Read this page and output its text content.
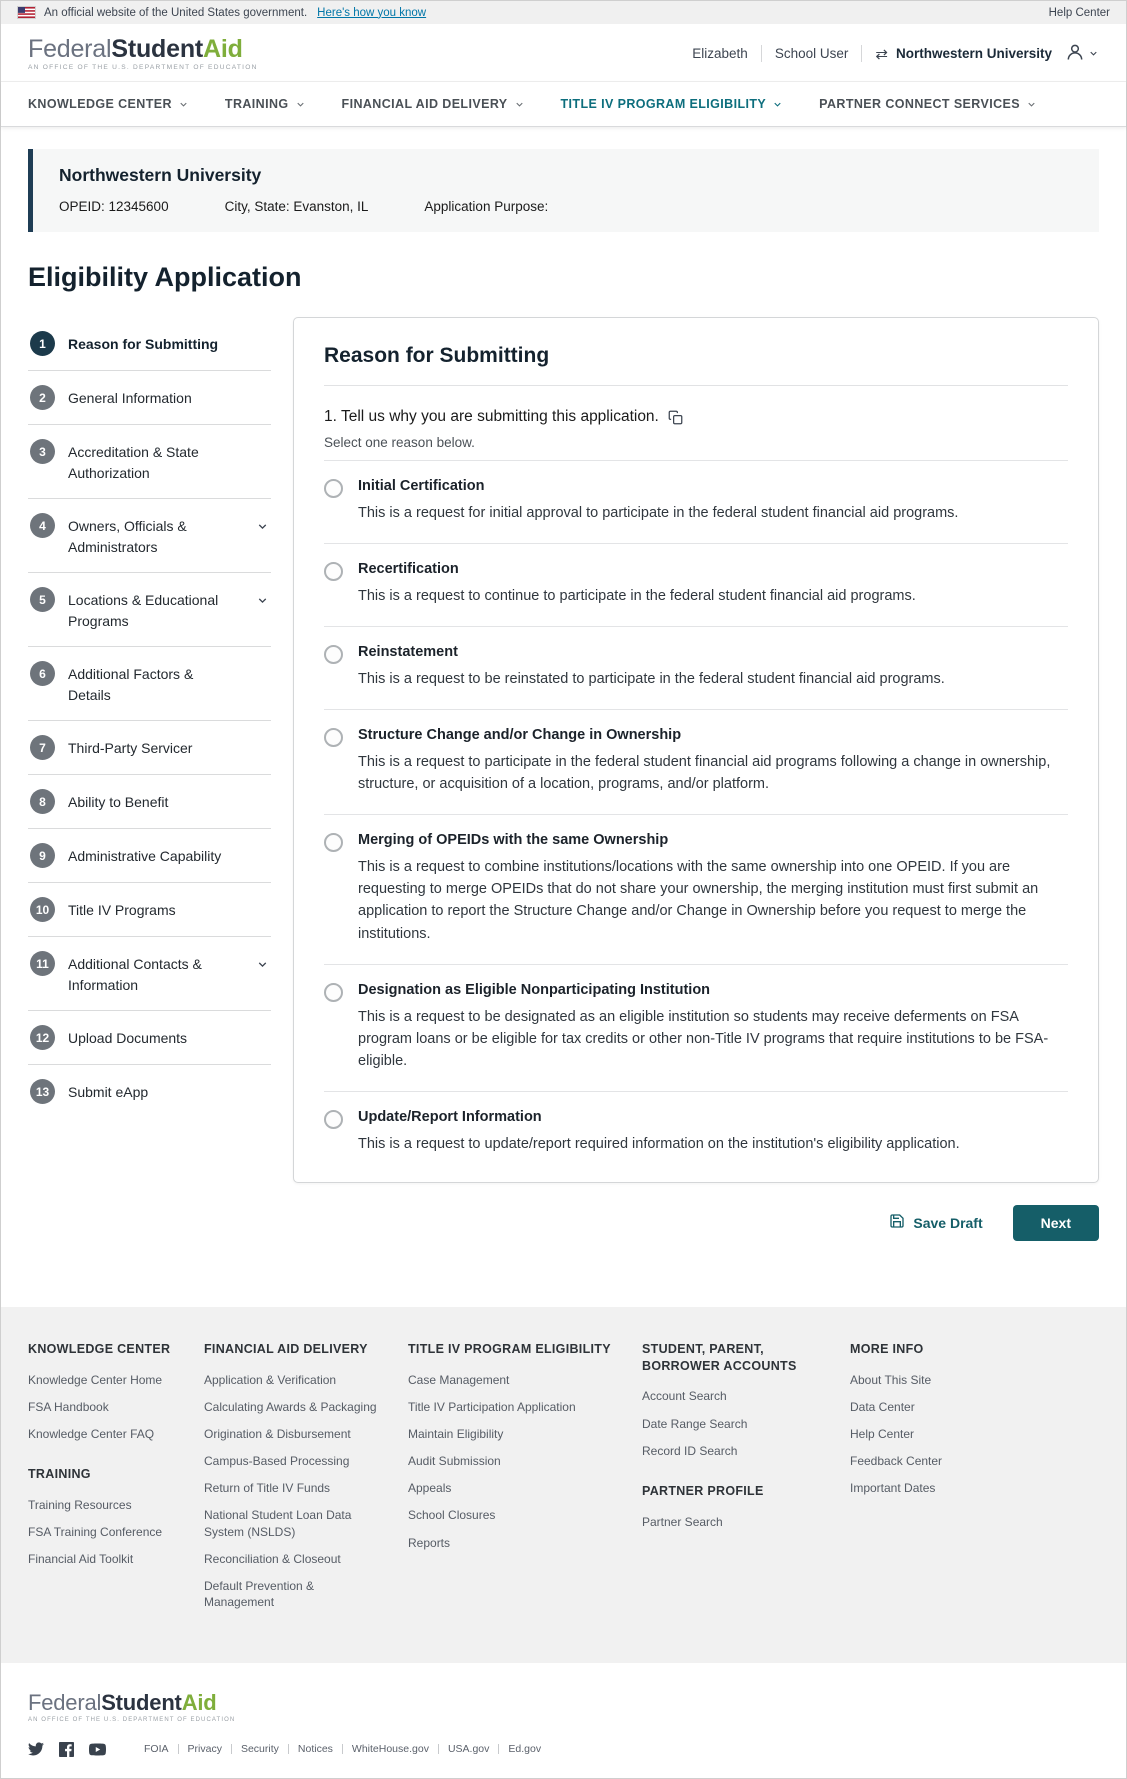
An official website of the United States government. Here's how you know	Help Center
FederalStudentAid
AN OFFICE OF THE U.S. DEPARTMENT OF EDUCATION
Elizabeth School User ⇄ Northwestern University
KNOWLEDGE CENTER	TRAINING	FINANCIAL AID DELIVERY	TITLE IV PROGRAM ELIGIBILITY	PARTNER CONNECT SERVICES
Northwestern University
OPEID: 12345600	City, State: Evanston, IL	Application Purpose:
Eligibility Application
1	Reason for Submitting
2	General Information
3	Accreditation & State Authorization
4	Owners, Officials & Administrators
5	Locations & Educational Programs
6	Additional Factors & Details
7	Third-Party Servicer
8	Ability to Benefit
9	Administrative Capability
10	Title IV Programs
11	Additional Contacts & Information
12	Upload Documents
13	Submit eApp
Reason for Submitting
1. Tell us why you are submitting this application.
Select one reason below.
Initial Certification
This is a request for initial approval to participate in the federal student financial aid programs.
Recertification
This is a request to continue to participate in the federal student financial aid programs.
Reinstatement
This is a request to be reinstated to participate in the federal student financial aid programs.
Structure Change and/or Change in Ownership
This is a request to participate in the federal student financial aid programs following a change in ownership, structure, or acquisition of a location, programs, and/or platform.
Merging of OPEIDs with the same Ownership
This is a request to combine institutions/locations with the same ownership into one OPEID. If you are requesting to merge OPEIDs that do not share your ownership, the merging institution must first submit an application to report the Structure Change and/or Change in Ownership before you request to merge the institutions.
Designation as Eligible Nonparticipating Institution
This is a request to be designated as an eligible institution so students may receive deferments on FSA program loans or be eligible for tax credits or other non-Title IV programs that require institutions to be FSA-eligible.
Update/Report Information
This is a request to update/report required information on the institution's eligibility application.
Save Draft	Next
KNOWLEDGE CENTER
Knowledge Center Home
FSA Handbook
Knowledge Center FAQ
TRAINING
Training Resources
FSA Training Conference
Financial Aid Toolkit
FINANCIAL AID DELIVERY
Application & Verification
Calculating Awards & Packaging
Origination & Disbursement
Campus-Based Processing
Return of Title IV Funds
National Student Loan Data System (NSLDS)
Reconciliation & Closeout
Default Prevention & Management
TITLE IV PROGRAM ELIGIBILITY
Case Management
Title IV Participation Application
Maintain Eligibility
Audit Submission
Appeals
School Closures
Reports
STUDENT, PARENT, BORROWER ACCOUNTS
Account Search
Date Range Search
Record ID Search
PARTNER PROFILE
Partner Search
MORE INFO
About This Site
Data Center
Help Center
Feedback Center
Important Dates
FederalStudentAid
AN OFFICE OF THE U.S. DEPARTMENT OF EDUCATION
FOIA	Privacy	Security	Notices	WhiteHouse.gov	USA.gov	Ed.gov
